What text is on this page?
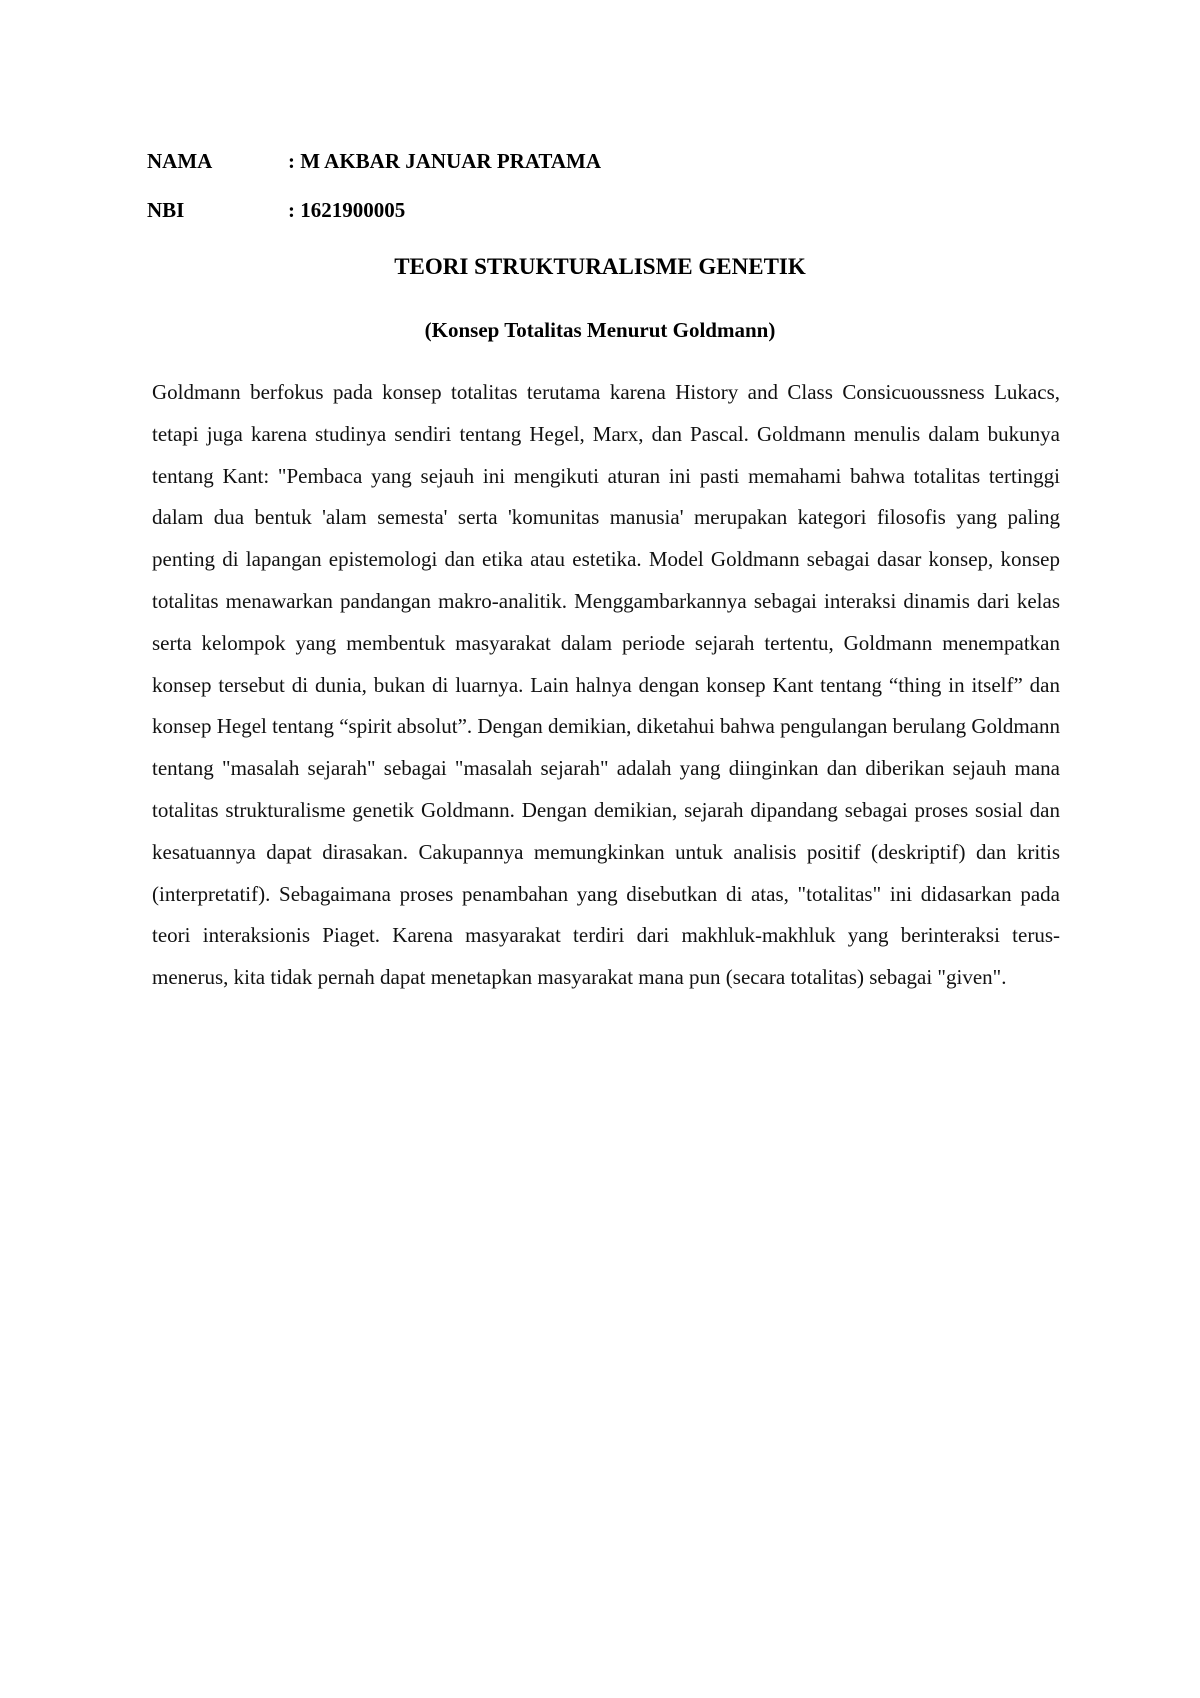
NAMA	: M AKBAR JANUAR PRATAMA
NBI	: 1621900005
TEORI STRUKTURALISME GENETIK
(Konsep Totalitas Menurut Goldmann)

Goldmann berfokus pada konsep totalitas terutama karena History and Class Consicuoussness Lukacs, tetapi juga karena studinya sendiri tentang Hegel, Marx, dan Pascal. Goldmann menulis dalam bukunya tentang Kant: "Pembaca yang sejauh ini mengikuti aturan ini pasti memahami bahwa totalitas tertinggi dalam dua bentuk 'alam semesta' serta 'komunitas manusia' merupakan kategori filosofis yang paling penting di lapangan epistemologi dan etika atau estetika. Model Goldmann sebagai dasar konsep, konsep totalitas menawarkan pandangan makro-analitik. Menggambarkannya sebagai interaksi dinamis dari kelas serta kelompok yang membentuk masyarakat dalam periode sejarah tertentu, Goldmann menempatkan konsep tersebut di dunia, bukan di luarnya. Lain halnya dengan konsep Kant tentang “thing in itself” dan konsep Hegel tentang “spirit absolut”. Dengan demikian, diketahui bahwa pengulangan berulang Goldmann tentang "masalah sejarah" sebagai "masalah sejarah" adalah yang diinginkan dan diberikan sejauh mana totalitas strukturalisme genetik Goldmann. Dengan demikian, sejarah dipandang sebagai proses sosial dan kesatuannya dapat dirasakan. Cakupannya memungkinkan untuk analisis positif (deskriptif) dan kritis (interpretatif). Sebagaimana proses penambahan yang disebutkan di atas, "totalitas" ini didasarkan pada teori interaksionis Piaget. Karena masyarakat terdiri dari makhluk-makhluk yang berinteraksi terus-menerus, kita tidak pernah dapat menetapkan masyarakat mana pun (secara totalitas) sebagai "given".
